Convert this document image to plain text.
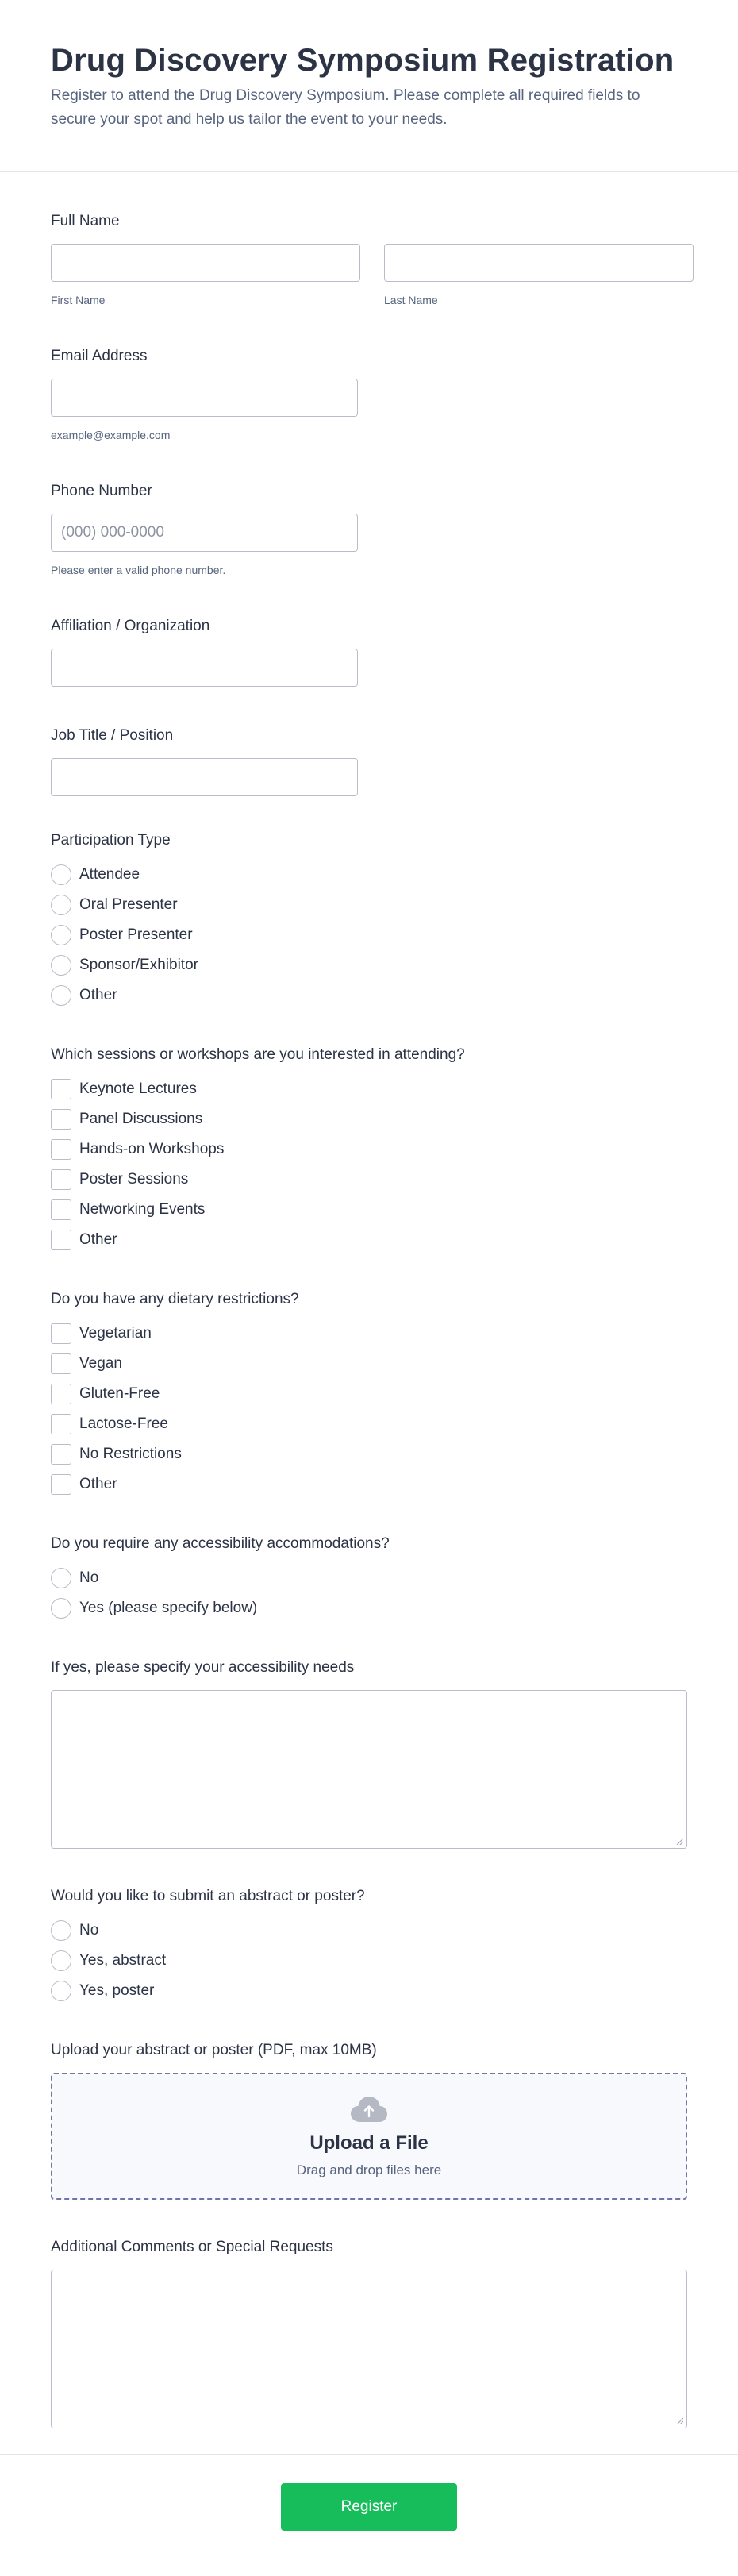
Drug Discovery Symposium Registration

Register to attend the Drug Discovery Symposium. Please complete all required fields to secure your spot and help us tailor the event to your needs.

Full Name
First Name	Last Name
Email Address
example@example.com
Phone Number
(000) 000-0000
Please enter a valid phone number.
Affiliation / Organization
Job Title / Position
Participation Type
Attendee
Oral Presenter
Poster Presenter
Sponsor/Exhibitor
Other
Which sessions or workshops are you interested in attending?
Keynote Lectures
Panel Discussions
Hands-on Workshops
Poster Sessions
Networking Events
Other
Do you have any dietary restrictions?
Vegetarian
Vegan
Gluten-Free
Lactose-Free
No Restrictions
Other
Do you require any accessibility accommodations?
No
Yes (please specify below)
If yes, please specify your accessibility needs
Would you like to submit an abstract or poster?
No
Yes, abstract
Yes, poster
Upload your abstract or poster (PDF, max 10MB)
Upload a File
Drag and drop files here
Additional Comments or Special Requests
Register
